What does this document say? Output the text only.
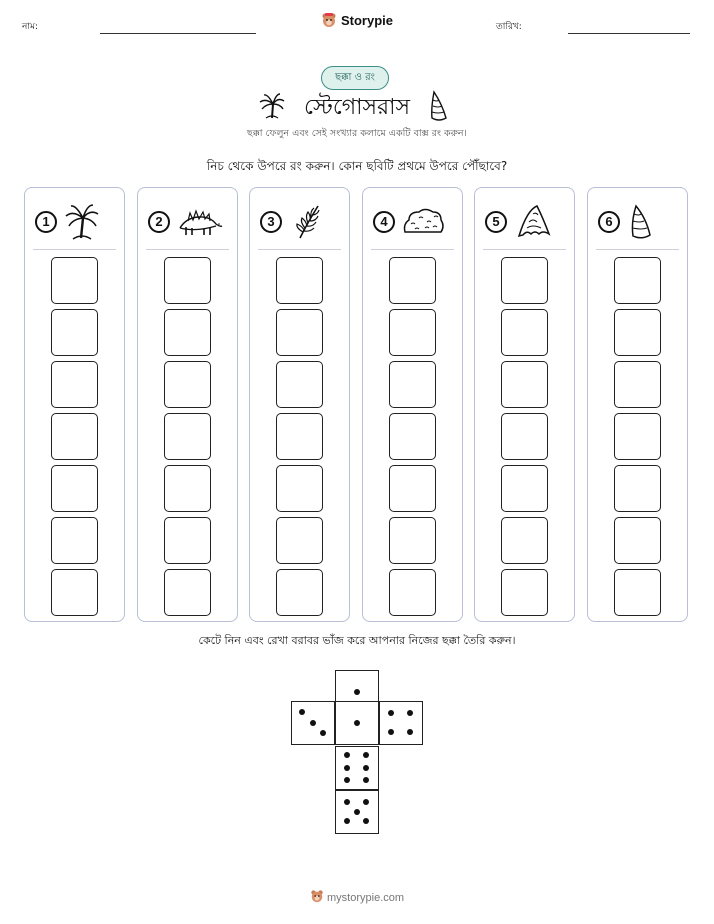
নাম:	Storypie	তারিখ:
ছক্কা ও রং
স্টেগোসরাস
ছক্কা ফেলুন এবং সেই সংখ্যার কলামে একটি বাক্স রং করুন।
নিচ থেকে উপরে রং করুন। কোন ছবিটি প্রথমে উপরে পৌঁছাবে?
1	2	3	4	5	6
কেটে নিন এবং রেখা বরাবর ভাঁজ করে আপনার নিজের ছক্কা তৈরি করুন।
mystorypie.com
